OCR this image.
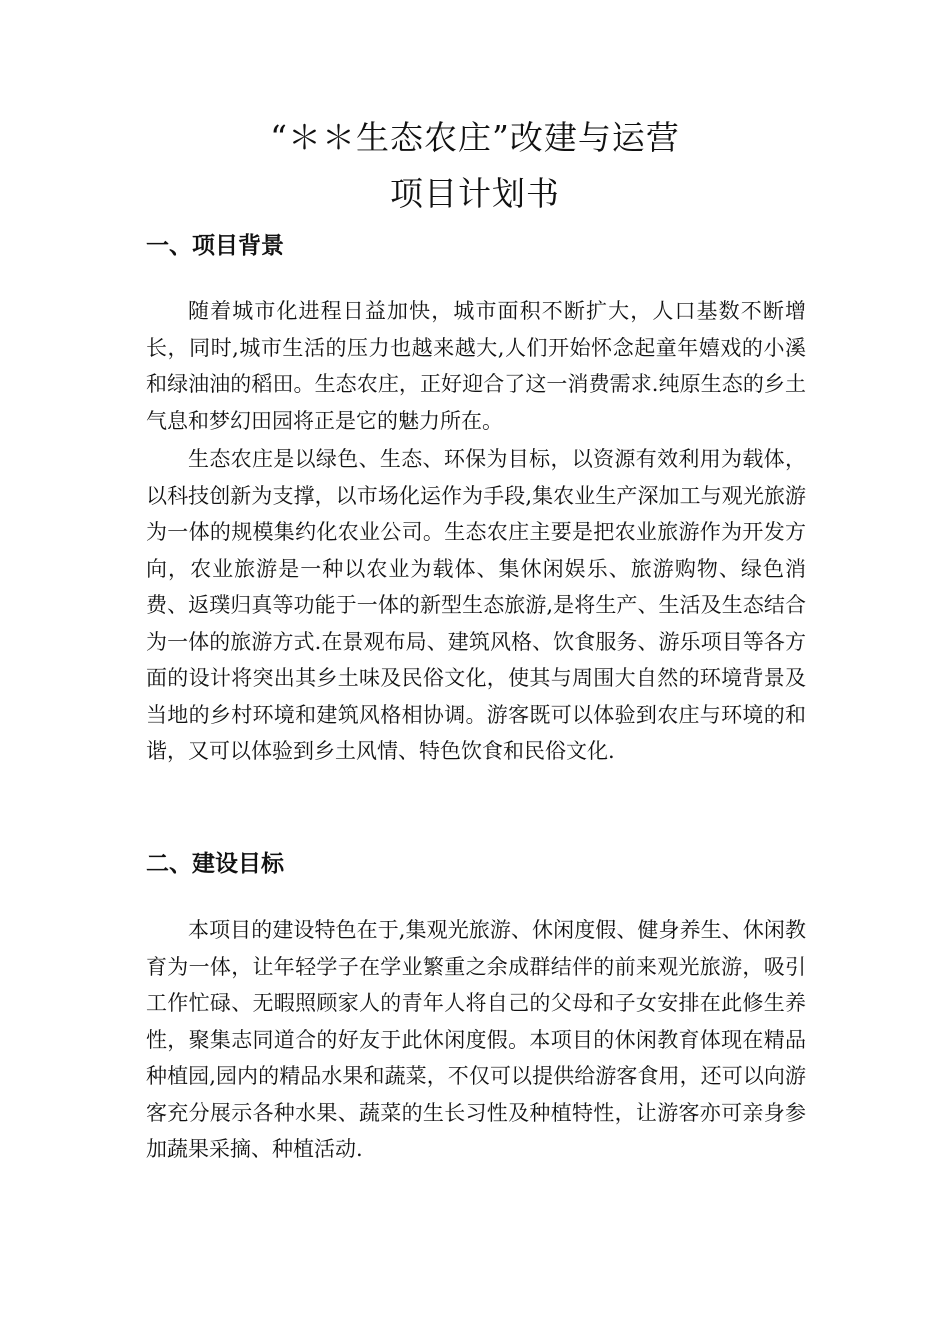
“＊＊生态农庄”改建与运营
项目计划书
一、项目背景

随着城市化进程日益加快，城市面积不断扩大，人口基数不断增长，同时,城市生活的压力也越来越大,人们开始怀念起童年嬉戏的小溪和绿油油的稻田。生态农庄，正好迎合了这一消费需求.纯原生态的乡土气息和梦幻田园将正是它的魅力所在。

生态农庄是以绿色、生态、环保为目标，以资源有效利用为载体，以科技创新为支撑，以市场化运作为手段,集农业生产深加工与观光旅游为一体的规模集约化农业公司。生态农庄主要是把农业旅游作为开发方向，农业旅游是一种以农业为载体、集休闲娱乐、旅游购物、绿色消费、返璞归真等功能于一体的新型生态旅游,是将生产、生活及生态结合为一体的旅游方式.在景观布局、建筑风格、饮食服务、游乐项目等各方面的设计将突出其乡土味及民俗文化，使其与周围大自然的环境背景及当地的乡村环境和建筑风格相协调。游客既可以体验到农庄与环境的和谐，又可以体验到乡土风情、特色饮食和民俗文化.

二、建设目标

本项目的建设特色在于,集观光旅游、休闲度假、健身养生、休闲教育为一体，让年轻学子在学业繁重之余成群结伴的前来观光旅游，吸引工作忙碌、无暇照顾家人的青年人将自己的父母和子女安排在此修生养性，聚集志同道合的好友于此休闲度假。本项目的休闲教育体现在精品种植园,园内的精品水果和蔬菜，不仅可以提供给游客食用，还可以向游客充分展示各种水果、蔬菜的生长习性及种植特性，让游客亦可亲身参加蔬果采摘、种植活动.
